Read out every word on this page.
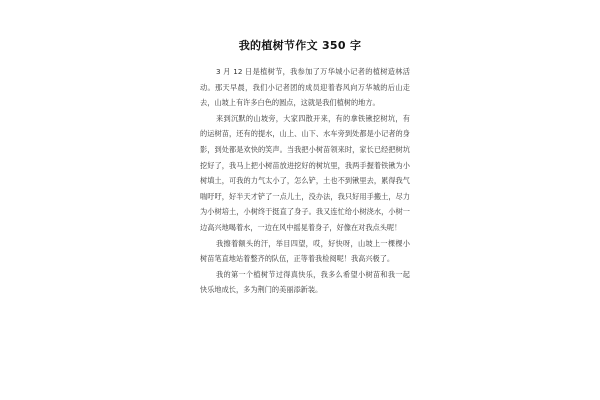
我的植树节作文 350 字

3 月 12 日是植树节，我参加了万华城小记者的植树造林活动。那天早晨，我们小记者团的成员迎着春风向万华城的后山走去，山坡上有许多白色的圆点，这就是我们植树的地方。

来到沉默的山坡旁，大家四散开来，有的拿铁锹挖树坑，有的运树苗，还有的提水，山上、山下、水车旁到处都是小记者的身影，到处都是欢快的笑声。当我把小树苗领来时，家长已经把树坑挖好了，我马上把小树苗放进挖好的树坑里，我两手握着铁锹为小树填土，可我的力气太小了，怎么铲，土也不到锹里去，累得我气喘吁吁，好半天才铲了一点儿土，没办法，我只好用手搬土，尽力为小树培土，小树终于挺直了身子。我又连忙给小树浇水，小树一边高兴地喝着水，一边在风中摇晃着身子，好像在对我点头呢！

我擦着额头的汗，举目四望，哎，好快呀，山坡上一棵棵小树苗笔直地站着整齐的队伍，正等着我检阅呢！我高兴极了。

我的第一个植树节过得真快乐，我多么希望小树苗和我一起快乐地成长，多为荆门的美丽添新装。
